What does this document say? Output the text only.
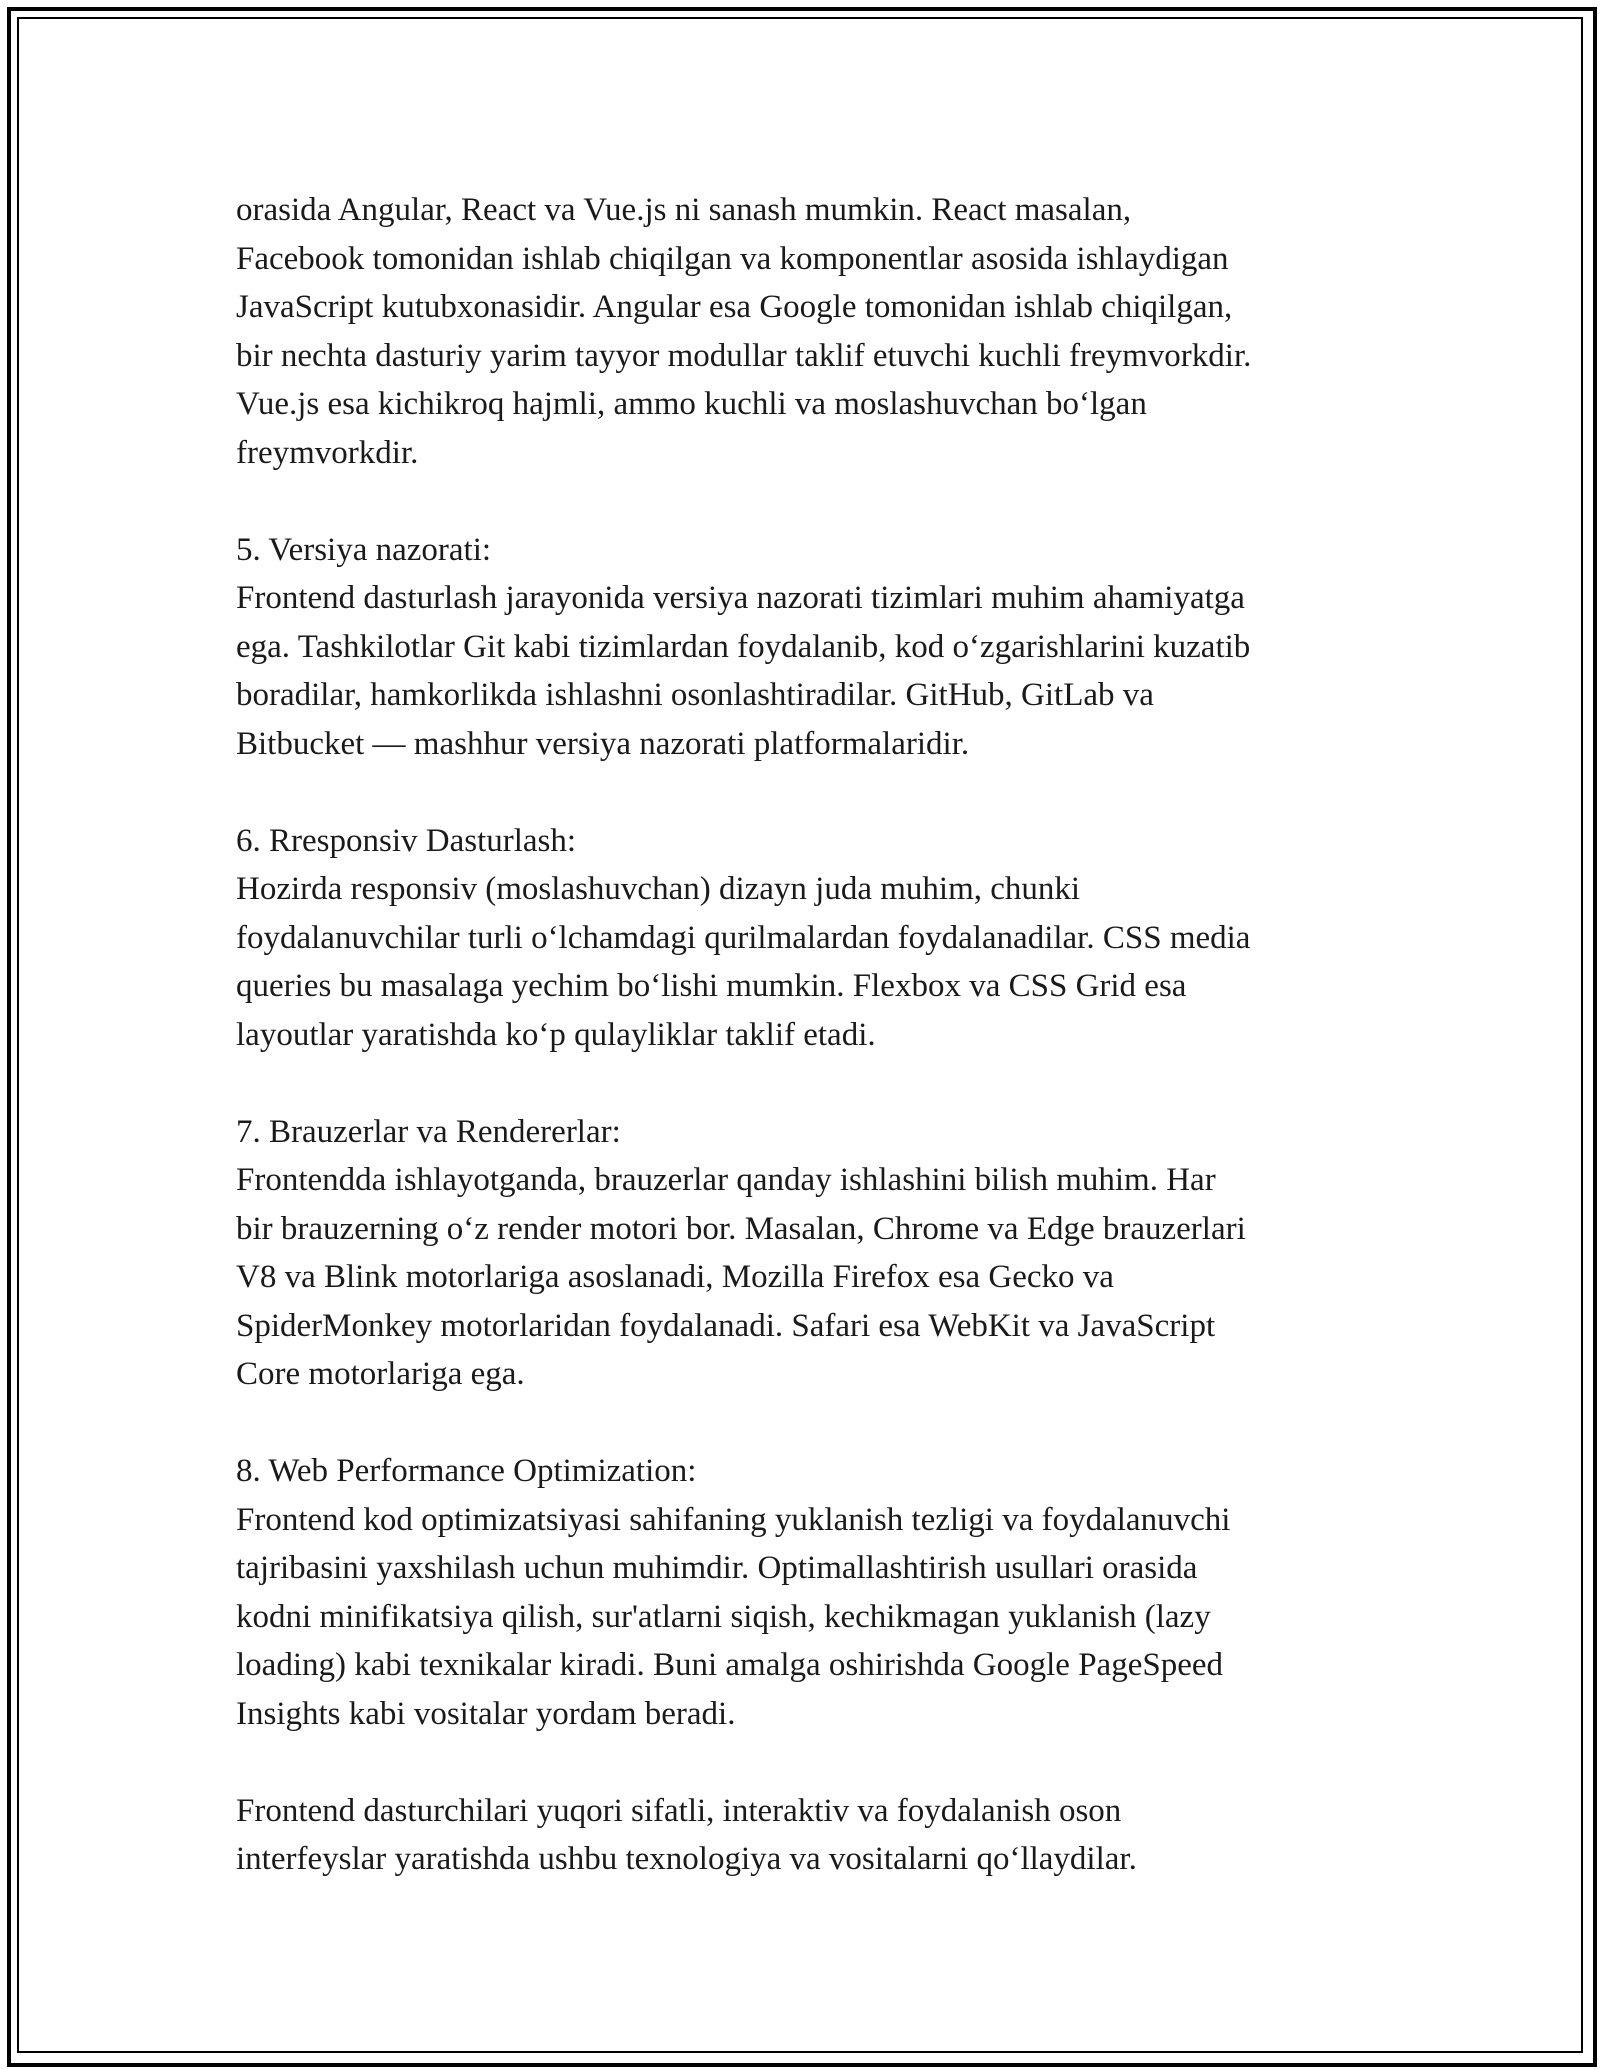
orasida Angular, React va Vue.js ni sanash mumkin. React masalan,
Facebook tomonidan ishlab chiqilgan va komponentlar asosida ishlaydigan
JavaScript kutubxonasidir. Angular esa Google tomonidan ishlab chiqilgan,
bir nechta dasturiy yarim tayyor modullar taklif etuvchi kuchli freymvorkdir.
Vue.js esa kichikroq hajmli, ammo kuchli va moslashuvchan bo‘lgan
freymvorkdir.

5. Versiya nazorati:
Frontend dasturlash jarayonida versiya nazorati tizimlari muhim ahamiyatga
ega. Tashkilotlar Git kabi tizimlardan foydalanib, kod o‘zgarishlarini kuzatib
boradilar, hamkorlikda ishlashni osonlashtiradilar. GitHub, GitLab va
Bitbucket — mashhur versiya nazorati platformalaridir.

6. Rresponsiv Dasturlash:
Hozirda responsiv (moslashuvchan) dizayn juda muhim, chunki
foydalanuvchilar turli o‘lchamdagi qurilmalardan foydalanadilar. CSS media
queries bu masalaga yechim bo‘lishi mumkin. Flexbox va CSS Grid esa
layoutlar yaratishda ko‘p qulayliklar taklif etadi.

7. Brauzerlar va Rendererlar:
Frontendda ishlayotganda, brauzerlar qanday ishlashini bilish muhim. Har
bir brauzerning o‘z render motori bor. Masalan, Chrome va Edge brauzerlari
V8 va Blink motorlariga asoslanadi, Mozilla Firefox esa Gecko va
SpiderMonkey motorlaridan foydalanadi. Safari esa WebKit va JavaScript
Core motorlariga ega.

8. Web Performance Optimization:
Frontend kod optimizatsiyasi sahifaning yuklanish tezligi va foydalanuvchi
tajribasini yaxshilash uchun muhimdir. Optimallashtirish usullari orasida
kodni minifikatsiya qilish, sur'atlarni siqish, kechikmagan yuklanish (lazy
loading) kabi texnikalar kiradi. Buni amalga oshirishda Google PageSpeed
Insights kabi vositalar yordam beradi.

Frontend dasturchilari yuqori sifatli, interaktiv va foydalanish oson
interfeyslar yaratishda ushbu texnologiya va vositalarni qo‘llaydilar.
